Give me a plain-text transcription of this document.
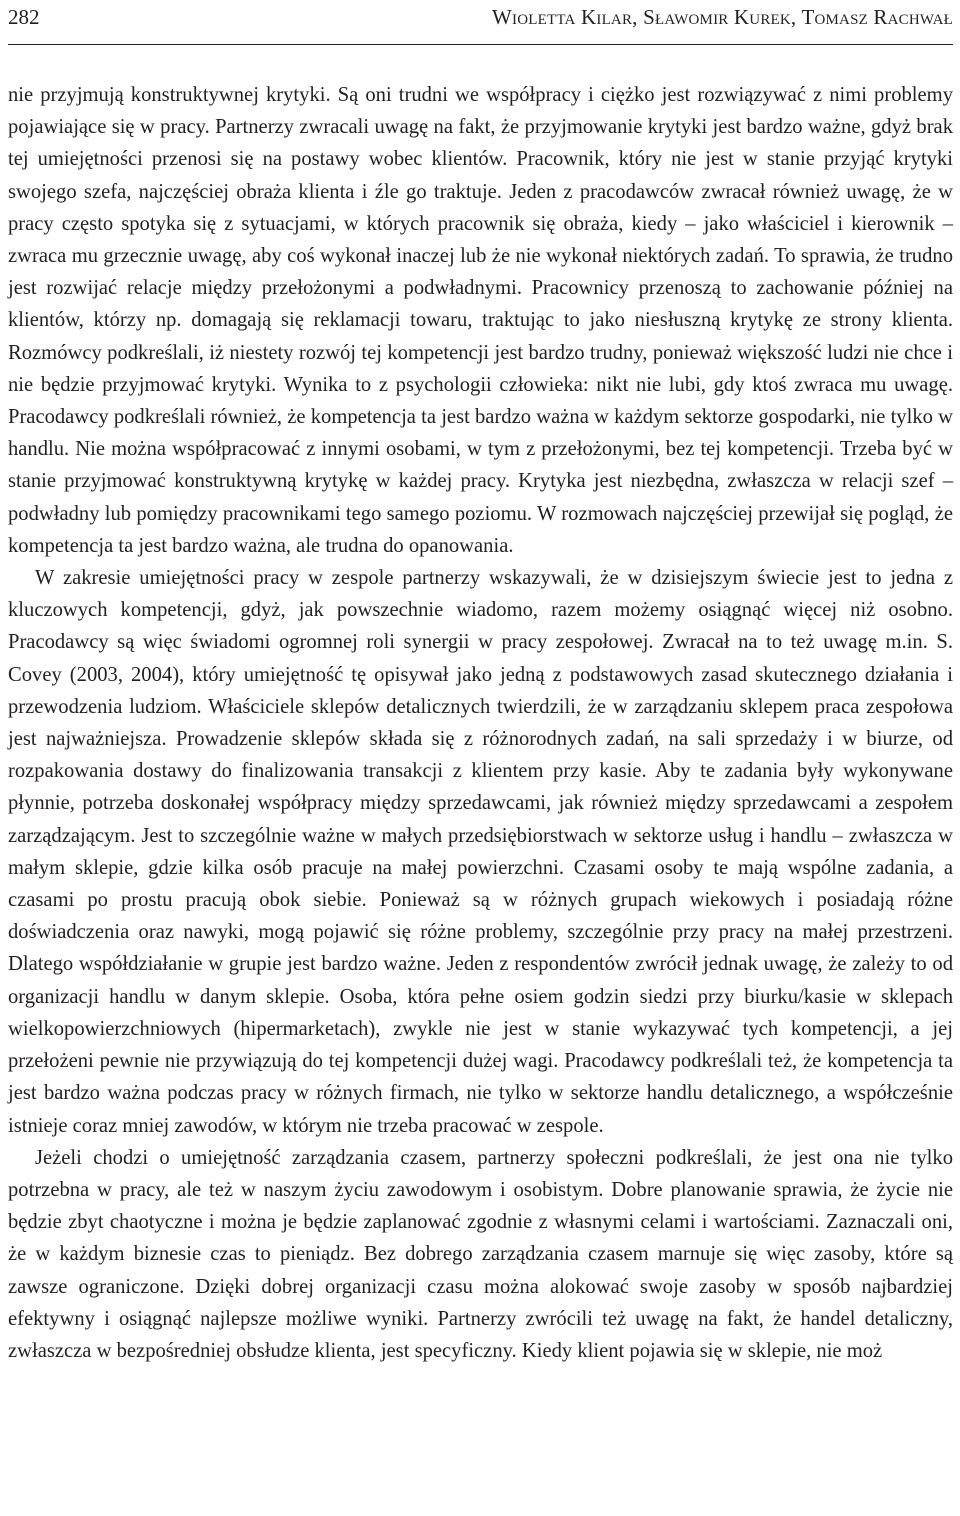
282	Wioletta Kilar, Sławomir Kurek, Tomasz Rachwał

nie przyjmują konstruktywnej krytyki. Są oni trudni we współpracy i ciężko jest rozwiązywać z nimi problemy pojawiające się w pracy. Partnerzy zwracali uwagę na fakt, że przyjmowanie krytyki jest bardzo ważne, gdyż brak tej umiejętności przenosi się na postawy wobec klientów. Pracownik, który nie jest w stanie przyjąć krytyki swojego szefa, najczęściej obraża klienta i źle go traktuje. Jeden z pracodawców zwracał również uwagę, że w pracy często spotyka się z sytuacjami, w których pracownik się obraża, kiedy – jako właściciel i kierownik – zwraca mu grzecznie uwagę, aby coś wykonał inaczej lub że nie wykonał niektórych zadań. To sprawia, że trudno jest rozwijać relacje między przełożonymi a podwładnymi. Pracownicy przenoszą to zachowanie później na klientów, którzy np. domagają się reklamacji towaru, traktując to jako niesłuszną krytykę ze strony klienta. Rozmówcy podkreślali, iż niestety rozwój tej kompetencji jest bardzo trudny, ponieważ większość ludzi nie chce i nie będzie przyjmować krytyki. Wynika to z psychologii człowieka: nikt nie lubi, gdy ktoś zwraca mu uwagę. Pracodawcy podkreślali również, że kompetencja ta jest bardzo ważna w każdym sektorze gospodarki, nie tylko w handlu. Nie można współpracować z innymi osobami, w tym z przełożonymi, bez tej kompetencji. Trzeba być w stanie przyjmować konstruktywną krytykę w każdej pracy. Krytyka jest niezbędna, zwłaszcza w relacji szef – podwładny lub pomiędzy pracownikami tego samego poziomu. W rozmowach najczęściej przewijał się pogląd, że kompetencja ta jest bardzo ważna, ale trudna do opanowania.

W zakresie umiejętności pracy w zespole partnerzy wskazywali, że w dzisiejszym świecie jest to jedna z kluczowych kompetencji, gdyż, jak powszechnie wiadomo, razem możemy osiągnąć więcej niż osobno. Pracodawcy są więc świadomi ogromnej roli synergii w pracy zespołowej. Zwracał na to też uwagę m.in. S. Covey (2003, 2004), który umiejętność tę opisywał jako jedną z podstawowych zasad skutecznego działania i przewodzenia ludziom. Właściciele sklepów detalicznych twierdzili, że w zarządzaniu sklepem praca zespołowa jest najważniejsza. Prowadzenie sklepów składa się z różnorodnych zadań, na sali sprzedaży i w biurze, od rozpakowania dostawy do finalizowania transakcji z klientem przy kasie. Aby te zadania były wykonywane płynnie, potrzeba doskonałej współpracy między sprzedawcami, jak również między sprzedawcami a zespołem zarządzającym. Jest to szczególnie ważne w małych przedsiębiorstwach w sektorze usług i handlu – zwłaszcza w małym sklepie, gdzie kilka osób pracuje na małej powierzchni. Czasami osoby te mają wspólne zadania, a czasami po prostu pracują obok siebie. Ponieważ są w różnych grupach wiekowych i posiadają różne doświadczenia oraz nawyki, mogą pojawić się różne problemy, szczególnie przy pracy na małej przestrzeni. Dlatego współdziałanie w grupie jest bardzo ważne. Jeden z respondentów zwrócił jednak uwagę, że zależy to od organizacji handlu w danym sklepie. Osoba, która pełne osiem godzin siedzi przy biurku/kasie w sklepach wielkopowierzchniowych (hipermarketach), zwykle nie jest w stanie wykazywać tych kompetencji, a jej przełożeni pewnie nie przywiązują do tej kompetencji dużej wagi. Pracodawcy podkreślali też, że kompetencja ta jest bardzo ważna podczas pracy w różnych firmach, nie tylko w sektorze handlu detalicznego, a współcześnie istnieje coraz mniej zawodów, w którym nie trzeba pracować w zespole.

Jeżeli chodzi o umiejętność zarządzania czasem, partnerzy społeczni podkreślali, że jest ona nie tylko potrzebna w pracy, ale też w naszym życiu zawodowym i osobistym. Dobre planowanie sprawia, że życie nie będzie zbyt chaotyczne i można je będzie zaplanować zgodnie z własnymi celami i wartościami. Zaznaczali oni, że w każdym biznesie czas to pieniądz. Bez dobrego zarządzania czasem marnuje się więc zasoby, które są zawsze ograniczone. Dzięki dobrej organizacji czasu można alokować swoje zasoby w sposób najbardziej efektywny i osiągnąć najlepsze możliwe wyniki. Partnerzy zwrócili też uwagę na fakt, że handel detaliczny, zwłaszcza w bezpośredniej obsłudze klienta, jest specyficzny. Kiedy klient pojawia się w sklepie, nie moż
